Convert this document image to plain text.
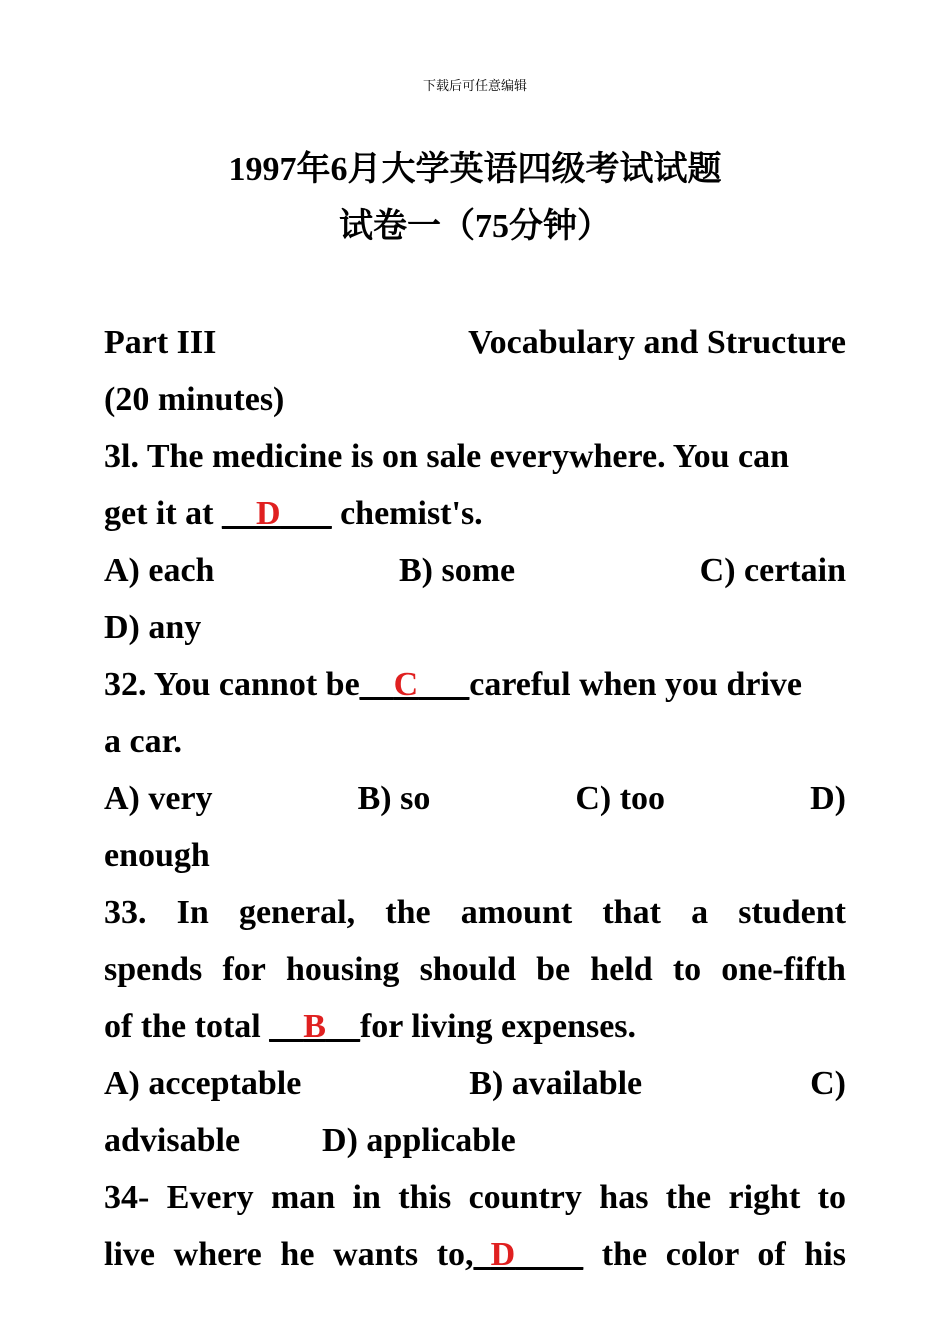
下载后可任意编辑
1997年6月大学英语四级考试试题
试卷一（75分钟）
Part III	Vocabulary and Structure
(20 minutes)
3l. The medicine is on sale everywhere. You can
get it at __D___ chemist's.
A) each	B) some	C) certain
D) any
32. You cannot be__C___careful when you drive
a car.
A) very	B) so	C) too	D)
enough
33. In general, the amount that a student
spends for housing should be held to one-fifth
of the total __B__for living expenses.
A) acceptable	B) available	C)
advisable D) applicable
34- Every man in this country has the right to
live where he wants to,_D____ the color of his
